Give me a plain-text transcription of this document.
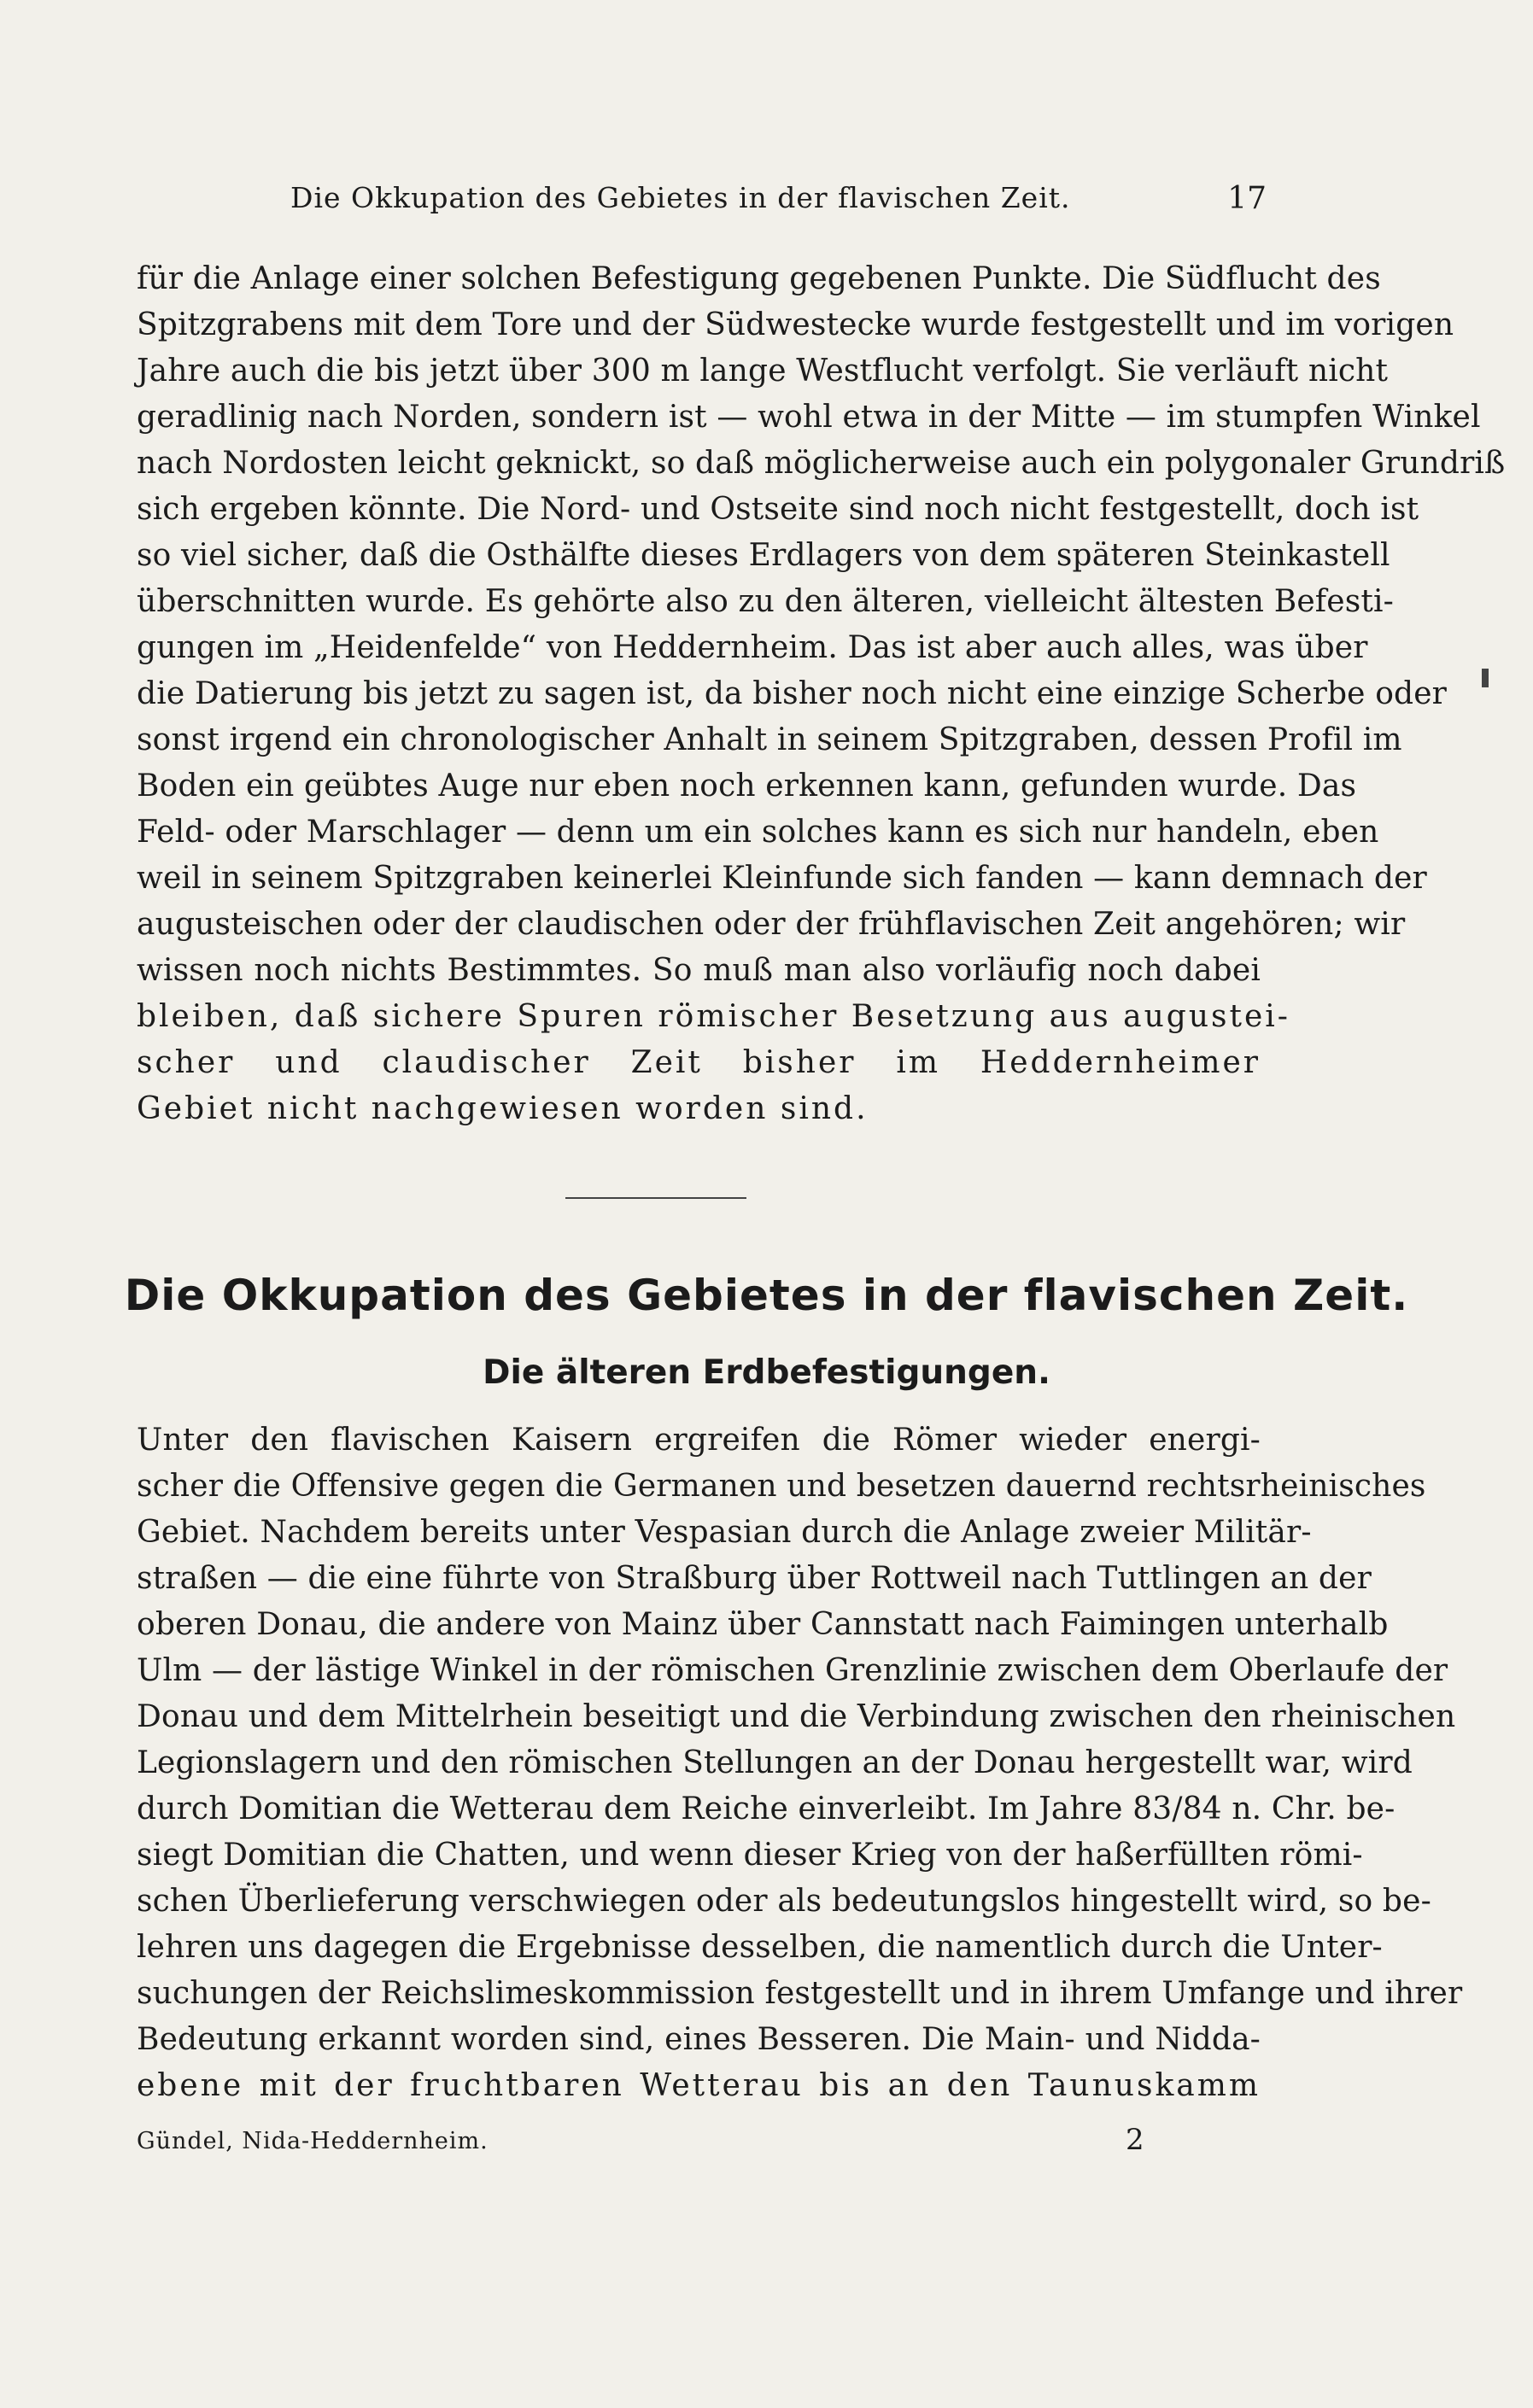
Die Okkupation des Gebietes in der flavischen Zeit.	17
für die Anlage einer solchen Befestigung gegebenen Punkte. Die Südflucht des
Spitzgrabens mit dem Tore und der Südwestecke wurde festgestellt und im vorigen
Jahre auch die bis jetzt über 300 m lange Westflucht verfolgt. Sie verläuft nicht
geradlinig nach Norden, sondern ist — wohl etwa in der Mitte — im stumpfen Winkel
nach Nordosten leicht geknickt, so daß möglicherweise auch ein polygonaler Grundriß
sich ergeben könnte. Die Nord- und Ostseite sind noch nicht festgestellt, doch ist
so viel sicher, daß die Osthälfte dieses Erdlagers von dem späteren Steinkastell
überschnitten wurde. Es gehörte also zu den älteren, vielleicht ältesten Befesti-
gungen im „Heidenfelde“ von Heddernheim. Das ist aber auch alles, was über
die Datierung bis jetzt zu sagen ist, da bisher noch nicht eine einzige Scherbe oder
sonst irgend ein chronologischer Anhalt in seinem Spitzgraben, dessen Profil im
Boden ein geübtes Auge nur eben noch erkennen kann, gefunden wurde. Das
Feld- oder Marschlager — denn um ein solches kann es sich nur handeln, eben
weil in seinem Spitzgraben keinerlei Kleinfunde sich fanden — kann demnach der
augusteischen oder der claudischen oder der frühflavischen Zeit angehören; wir
wissen noch nichts Bestimmtes. So muß man also vorläufig noch dabei
bleiben, daß sichere Spuren römischer Besetzung aus augustei-
scher und claudischer Zeit bisher im Heddernheimer
Gebiet nicht nachgewiesen worden sind.
Die Okkupation des Gebietes in der flavischen Zeit.
Die älteren Erdbefestigungen.
Unter den flavischen Kaisern ergreifen die Römer wieder energi-
scher die Offensive gegen die Germanen und besetzen dauernd rechtsrheinisches
Gebiet. Nachdem bereits unter Vespasian durch die Anlage zweier Militär-
straßen — die eine führte von Straßburg über Rottweil nach Tuttlingen an der
oberen Donau, die andere von Mainz über Cannstatt nach Faimingen unterhalb
Ulm — der lästige Winkel in der römischen Grenzlinie zwischen dem Oberlaufe der
Donau und dem Mittelrhein beseitigt und die Verbindung zwischen den rheinischen
Legionslagern und den römischen Stellungen an der Donau hergestellt war, wird
durch Domitian die Wetterau dem Reiche einverleibt. Im Jahre 83/84 n. Chr. be-
siegt Domitian die Chatten, und wenn dieser Krieg von der haßerfüllten römi-
schen Überlieferung verschwiegen oder als bedeutungslos hingestellt wird, so be-
lehren uns dagegen die Ergebnisse desselben, die namentlich durch die Unter-
suchungen der Reichslimeskommission festgestellt und in ihrem Umfange und ihrer
Bedeutung erkannt worden sind, eines Besseren. Die Main- und Nidda-
ebene mit der fruchtbaren Wetterau bis an den Taunuskamm
Gündel, Nida-Heddernheim.	2
